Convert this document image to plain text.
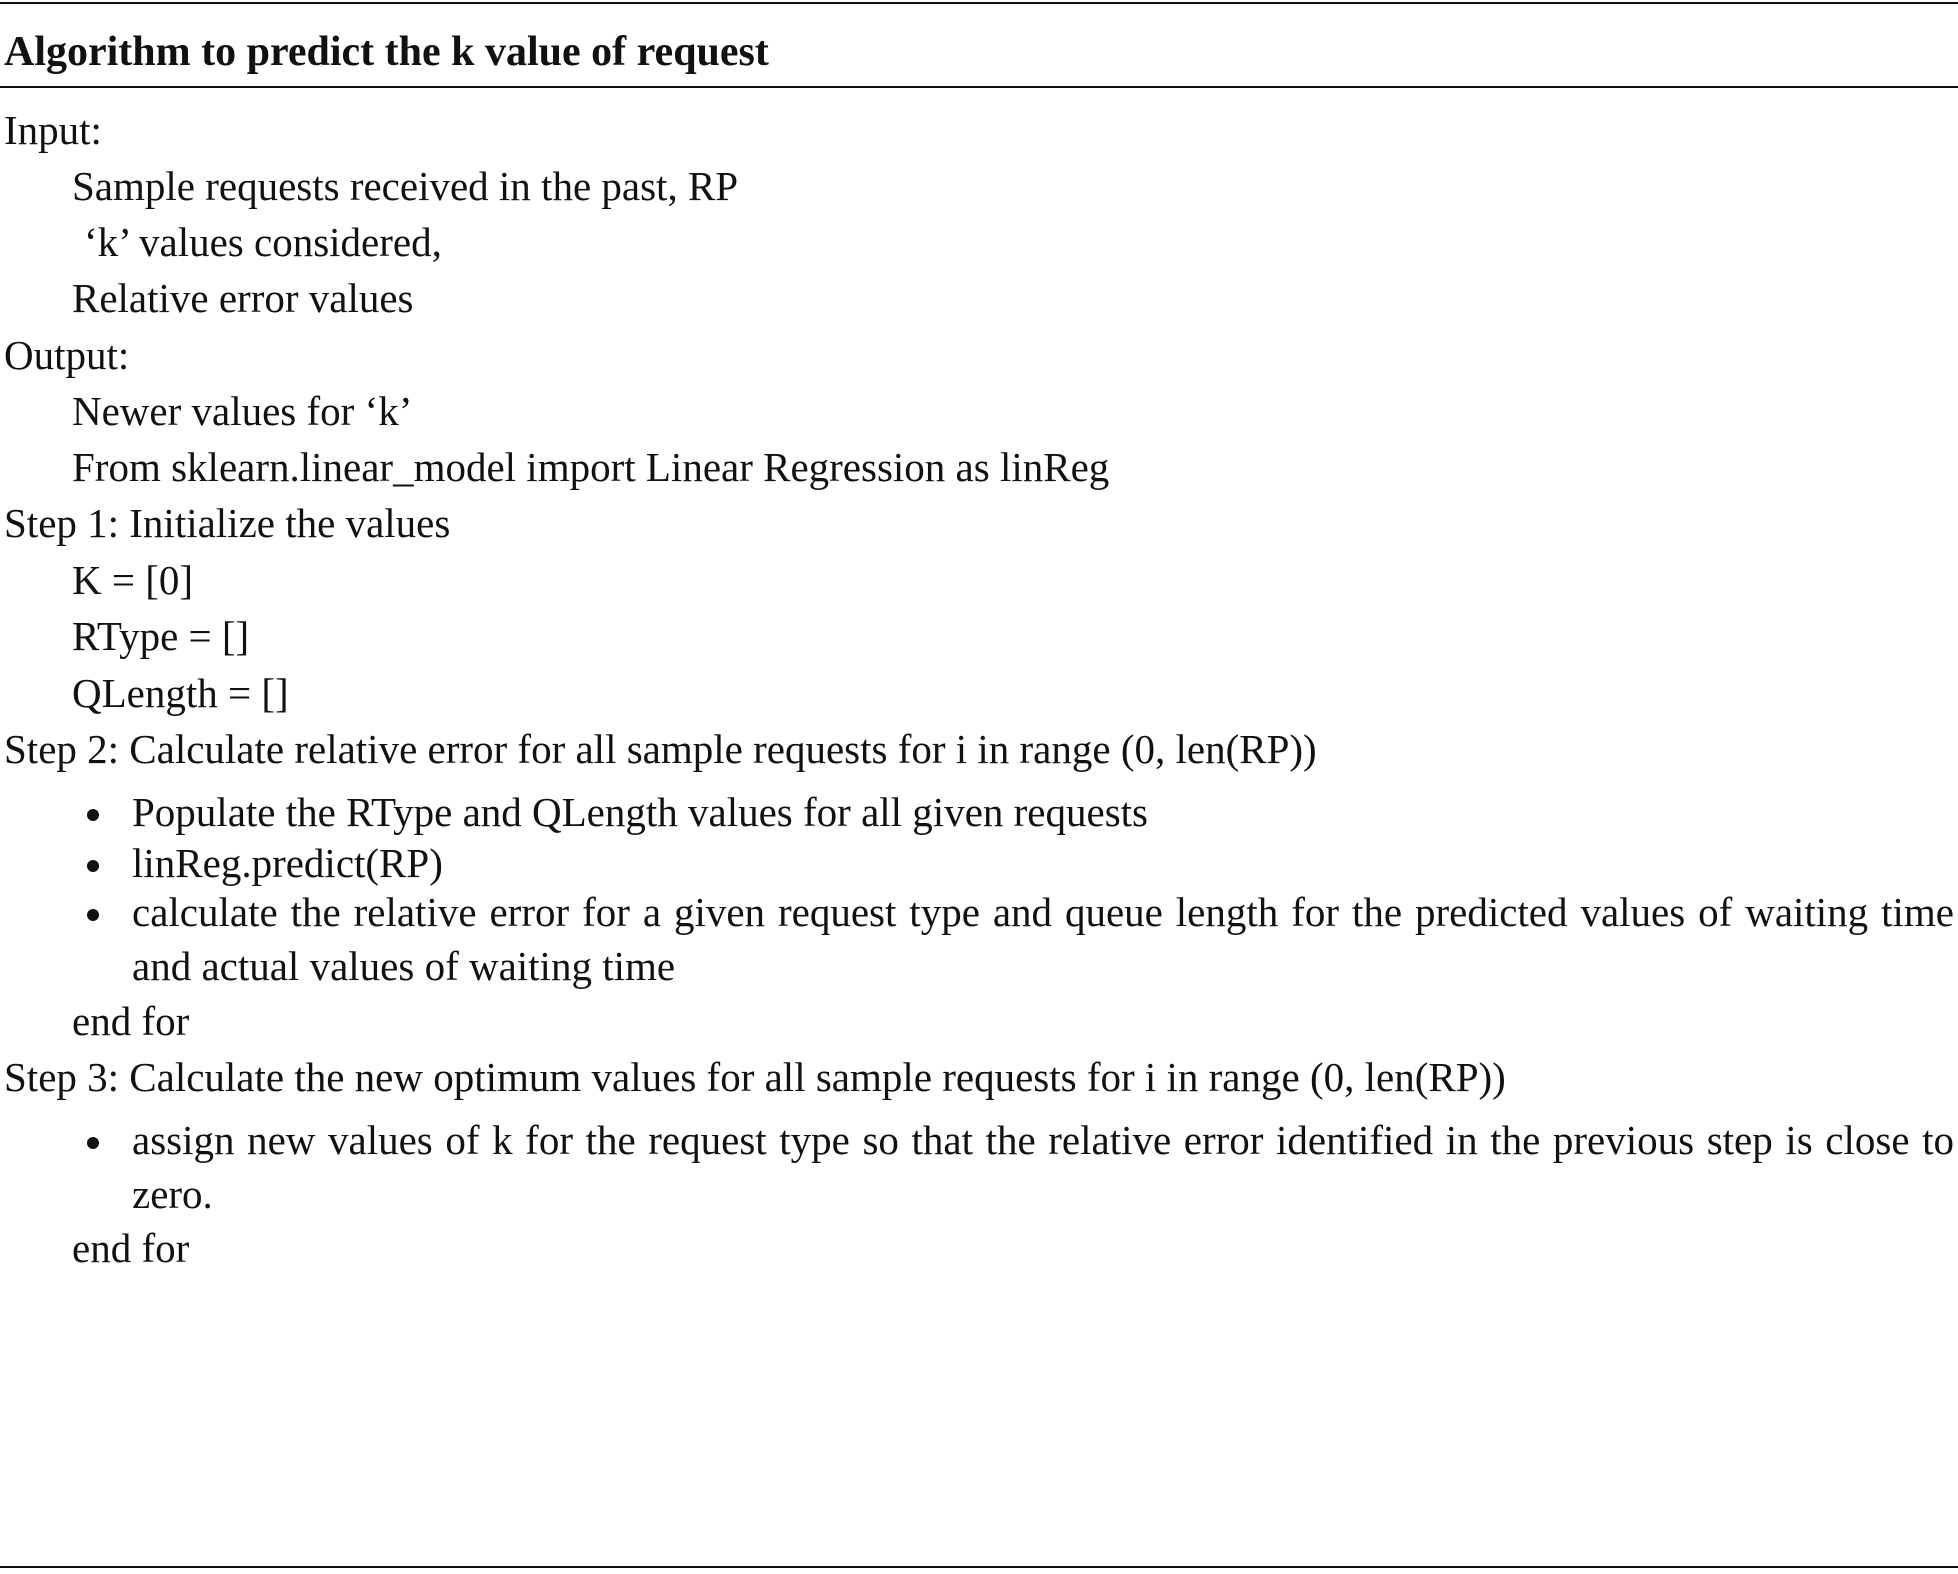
Algorithm to predict the k value of request
Input:
Sample requests received in the past, RP
‘k’ values considered,
Relative error values
Output:
Newer values for ‘k’
From sklearn.linear_model import Linear Regression as linReg
Step 1: Initialize the values
K = [0]
RType = []
QLength = []
Step 2: Calculate relative error for all sample requests for i in range (0, len(RP))
Populate the RType and QLength values for all given requests
linReg.predict(RP)
calculate the relative error for a given request type and queue length for the predicted values of waiting time and actual values of waiting time
end for
Step 3: Calculate the new optimum values for all sample requests for i in range (0, len(RP))
assign new values of k for the request type so that the relative error identified in the previous step is close to zero.
end for
